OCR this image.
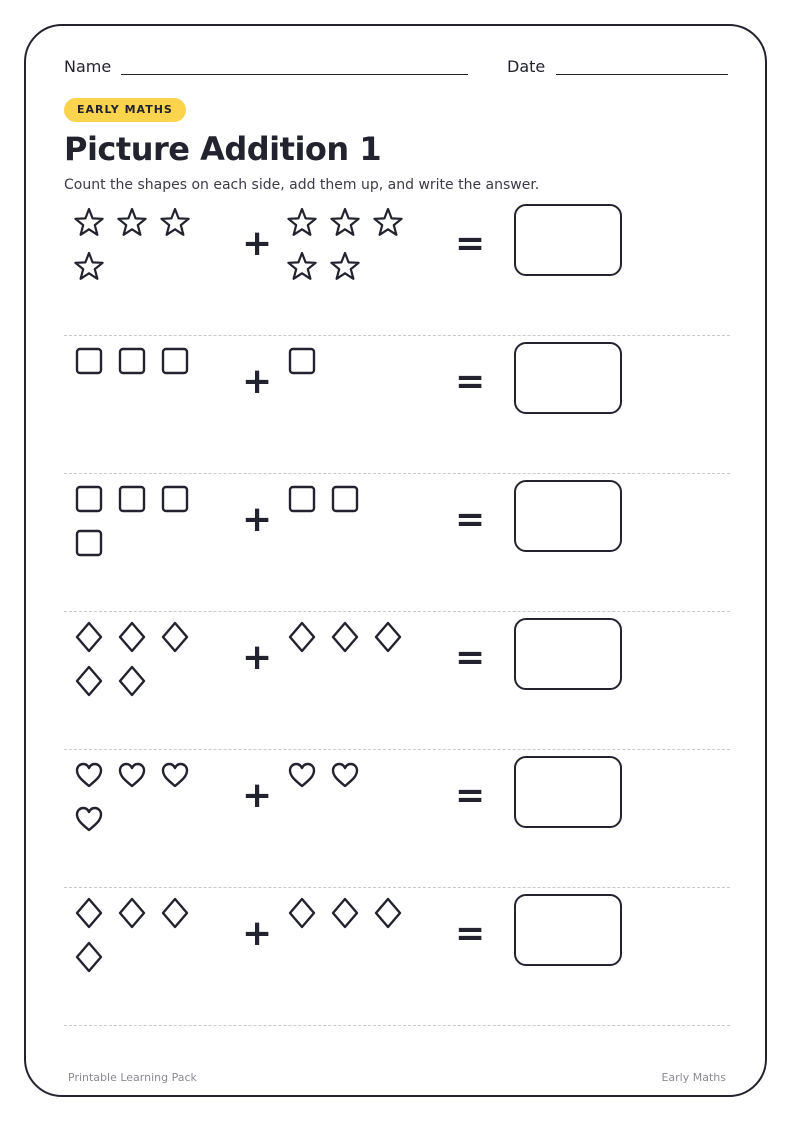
Name	Date
EARLY MATHS
Picture Addition 1
Count the shapes on each side, add them up, and write the answer.
+	=
+	=
+	=
+	=
+	=
+	=
Printable Learning Pack	Early Maths
